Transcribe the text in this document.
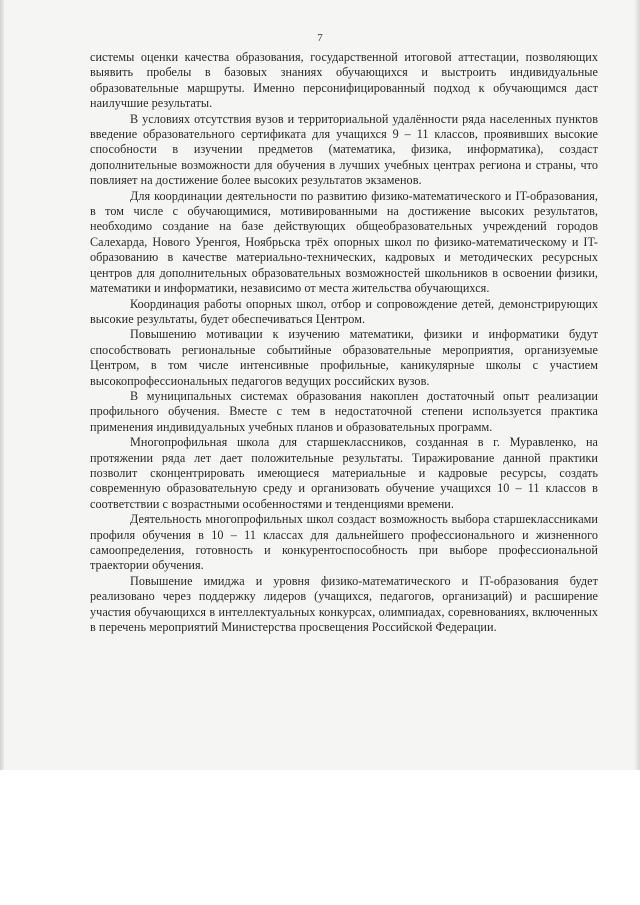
7

системы оценки качества образования, государственной итоговой аттестации, позволяющих выявить пробелы в базовых знаниях обучающихся и выстроить индивидуальные образовательные маршруты. Именно персонифицированный подход к обучающимся даст наилучшие результаты.

В условиях отсутствия вузов и территориальной удалённости ряда населенных пунктов введение образовательного сертификата для учащихся 9 – 11 классов, проявивших высокие способности в изучении предметов (математика, физика, информатика), создаст дополнительные возможности для обучения в лучших учебных центрах региона и страны, что повлияет на достижение более высоких результатов экзаменов.

Для координации деятельности по развитию физико-математического и IT-образования, в том числе с обучающимися, мотивированными на достижение высоких результатов, необходимо создание на базе действующих общеобразовательных учреждений городов Салехарда, Нового Уренгоя, Ноябрьска трёх опорных школ по физико-математическому и IT-образованию в качестве материально-технических, кадровых и методических ресурсных центров для дополнительных образовательных возможностей школьников в освоении физики, математики и информатики, независимо от места жительства обучающихся.

Координация работы опорных школ, отбор и сопровождение детей, демонстрирующих высокие результаты, будет обеспечиваться Центром.

Повышению мотивации к изучению математики, физики и информатики будут способствовать региональные событийные образовательные мероприятия, организуемые Центром, в том числе интенсивные профильные, каникулярные школы с участием высокопрофессиональных педагогов ведущих российских вузов.

В муниципальных системах образования накоплен достаточный опыт реализации профильного обучения. Вместе с тем в недостаточной степени используется практика применения индивидуальных учебных планов и образовательных программ.

Многопрофильная школа для старшеклассников, созданная в г. Муравленко, на протяжении ряда лет дает положительные результаты. Тиражирование данной практики позволит сконцентрировать имеющиеся материальные и кадровые ресурсы, создать современную образовательную среду и организовать обучение учащихся 10 – 11 классов в соответствии с возрастными особенностями и тенденциями времени.

Деятельность многопрофильных школ создаст возможность выбора старшеклассниками профиля обучения в 10 – 11 классах для дальнейшего профессионального и жизненного самоопределения, готовность и конкурентоспособность при выборе профессиональной траектории обучения.

Повышение имиджа и уровня физико-математического и IT-образования будет реализовано через поддержку лидеров (учащихся, педагогов, организаций) и расширение участия обучающихся в интеллектуальных конкурсах, олимпиадах, соревнованиях, включенных в перечень мероприятий Министерства просвещения Российской Федерации.
